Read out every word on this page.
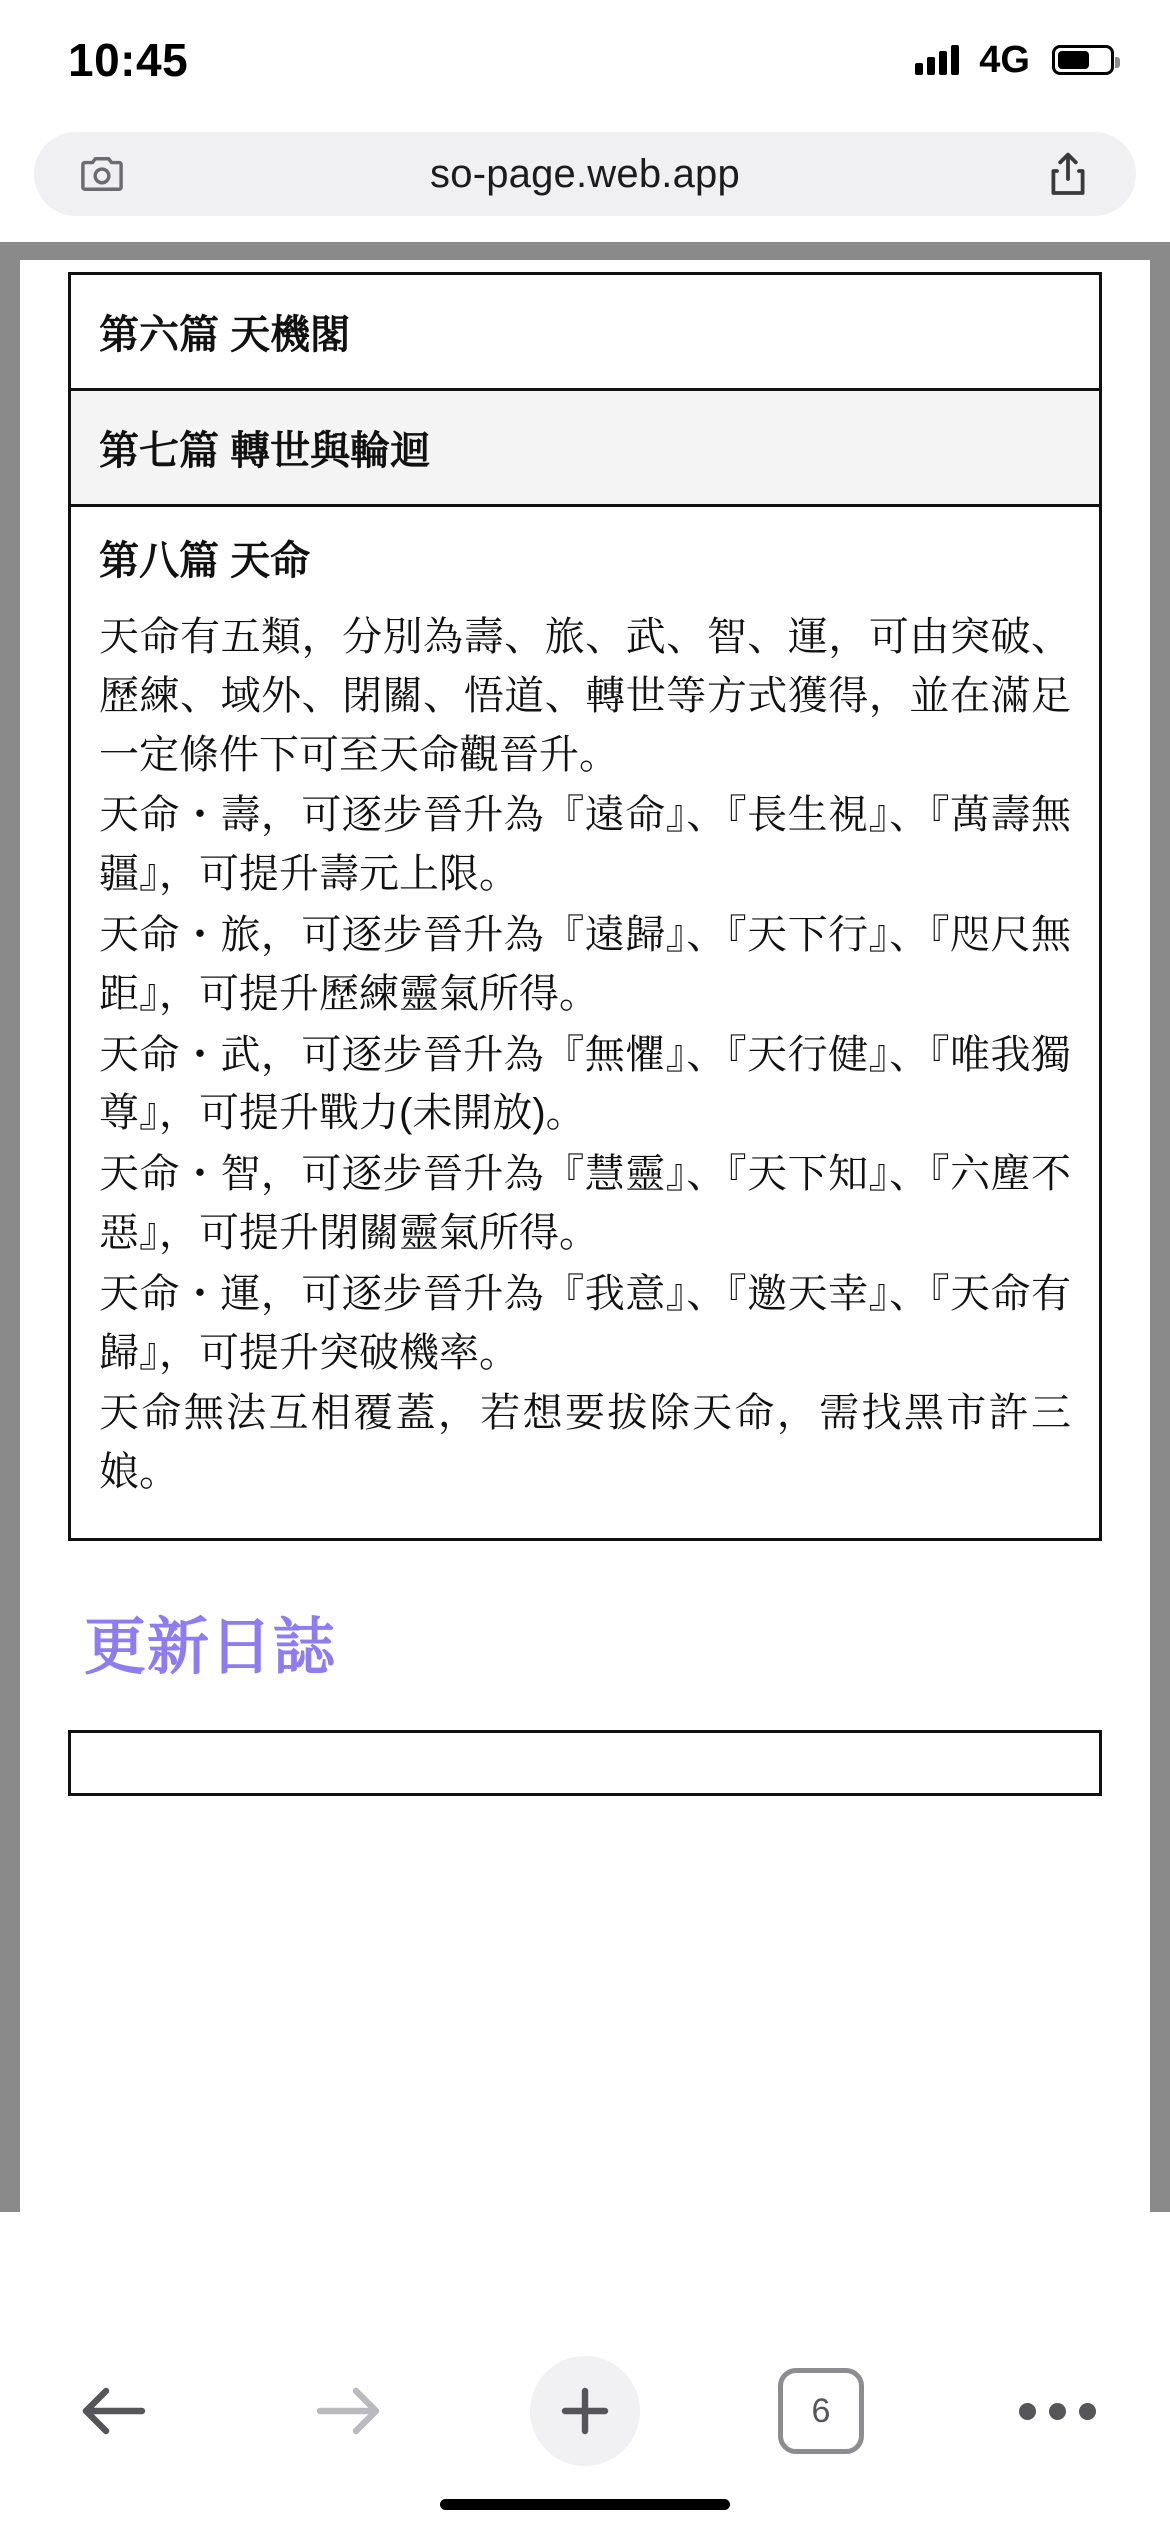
10:45	4G
so-page.web.app
第六篇 天機閣
第七篇 轉世與輪迴
第八篇 天命

天命有五類，分別為壽、旅、武、智、運，可由突破、歷練、域外、閉關、悟道、轉世等方式獲得，並在滿足一定條件下可至天命觀晉升。

天命・壽，可逐步晉升為『遠命』、『長生視』、『萬壽無疆』，可提升壽元上限。

天命・旅，可逐步晉升為『遠歸』、『天下行』、『咫尺無距』，可提升歷練靈氣所得。

天命・武，可逐步晉升為『無懼』、『天行健』、『唯我獨尊』，可提升戰力(未開放)。

天命・智，可逐步晉升為『慧靈』、『天下知』、『六塵不惡』，可提升閉關靈氣所得。

天命・運，可逐步晉升為『我意』、『邀天幸』、『天命有歸』，可提升突破機率。

天命無法互相覆蓋，若想要拔除天命，需找黑市許三娘。

更新日誌
6
